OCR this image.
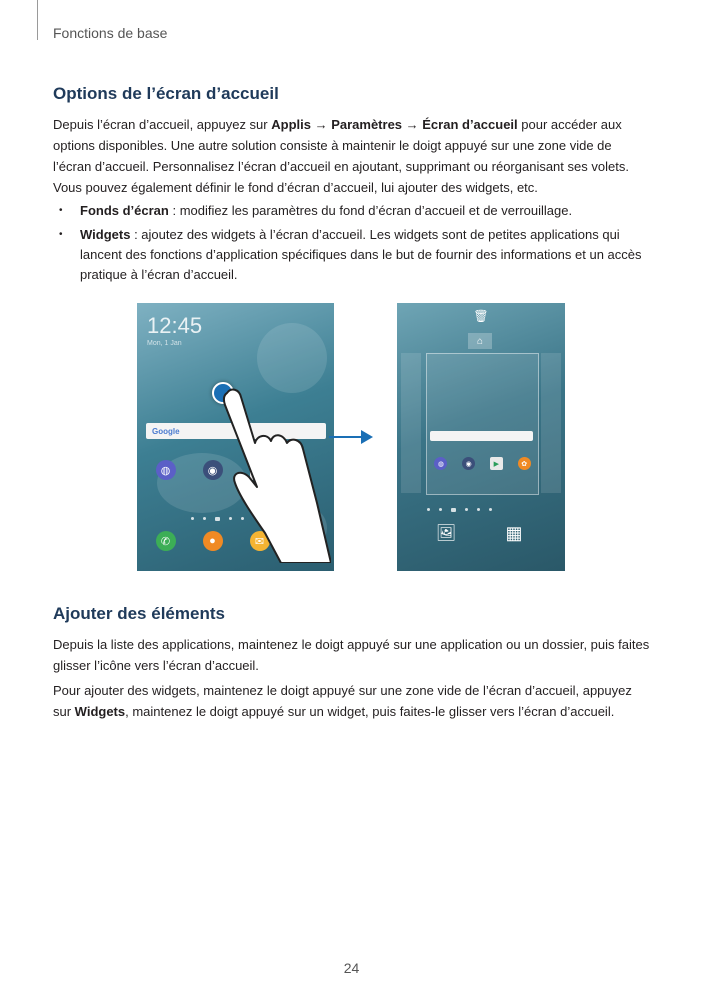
Fonctions de base
Options de l’écran d’accueil

Depuis l’écran d’accueil, appuyez sur Applis → Paramètres → Écran d’accueil pour accéder aux options disponibles. Une autre solution consiste à maintenir le doigt appuyé sur une zone vide de l’écran d’accueil. Personnalisez l’écran d’accueil en ajoutant, supprimant ou réorganisant ses volets. Vous pouvez également définir le fond d’écran d’accueil, lui ajouter des widgets, etc.

• Fonds d’écran : modifiez les paramètres du fond d’écran d’accueil et de verrouillage.
• Widgets : ajoutez des widgets à l’écran d’accueil. Les widgets sont de petites applications qui lancent des fonctions d’application spécifiques dans le but de fournir des informations et un accès pratique à l’écran d’accueil.
12:45
Mon, 1 Jan
Google
◍	◉
✆	●	✉
🗑
⌂
◍	◉	▶	✿
🖼	▦
Ajouter des éléments

Depuis la liste des applications, maintenez le doigt appuyé sur une application ou un dossier, puis faites glisser l’icône vers l’écran d’accueil.

Pour ajouter des widgets, maintenez le doigt appuyé sur une zone vide de l’écran d’accueil, appuyez sur Widgets, maintenez le doigt appuyé sur un widget, puis faites-le glisser vers l’écran d’accueil.

24
